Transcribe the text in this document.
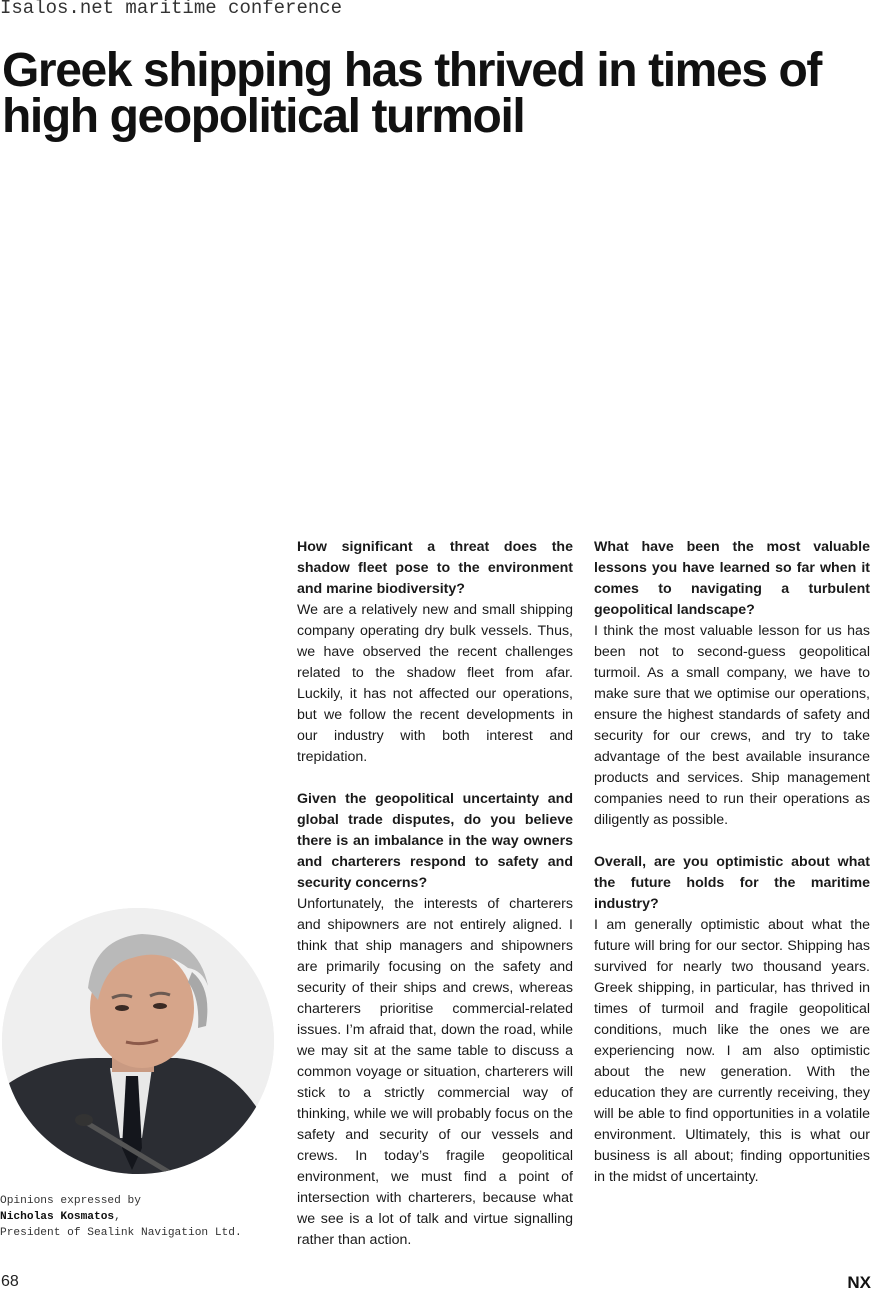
Isalos.net maritime conference
Greek shipping has thrived in times of high geopolitical turmoil
How significant a threat does the shadow fleet pose to the environment and marine biodiversity?
We are a relatively new and small shipping company operating dry bulk vessels. Thus, we have observed the recent challenges related to the shadow fleet from afar. Luckily, it has not affected our operations, but we follow the recent developments in our industry with both interest and trepidation.
Given the geopolitical uncertainty and global trade disputes, do you believe there is an imbalance in the way owners and charterers respond to safety and security concerns?
Unfortunately, the interests of charterers and shipowners are not entirely aligned. I think that ship managers and shipowners are primarily focusing on the safety and security of their ships and crews, whereas charterers prioritise commercial-related issues. I’m afraid that, down the road, while we may sit at the same table to discuss a common voyage or situation, charterers will stick to a strictly commercial way of thinking, while we will probably focus on the safety and security of our vessels and crews. In today’s fragile geopolitical environment, we must find a point of intersection with charterers, because what we see is a lot of talk and virtue signalling rather than action.
What have been the most valuable lessons you have learned so far when it comes to navigating a turbulent geopolitical landscape?
I think the most valuable lesson for us has been not to second-guess geopolitical turmoil. As a small company, we have to make sure that we optimise our operations, ensure the highest standards of safety and security for our crews, and try to take advantage of the best available insurance products and services. Ship management companies need to run their operations as diligently as possible.
Overall, are you optimistic about what the future holds for the maritime industry?
I am generally optimistic about what the future will bring for our sector. Shipping has survived for nearly two thousand years. Greek shipping, in particular, has thrived in times of turmoil and fragile geopolitical conditions, much like the ones we are experiencing now. I am also optimistic about the new generation. With the education they are currently receiving, they will be able to find opportunities in a volatile environment. Ultimately, this is what our business is all about; finding opportunities in the midst of uncertainty.
Opinions expressed by
Nicholas Kosmatos,
President of Sealink Navigation Ltd.
68	NX
